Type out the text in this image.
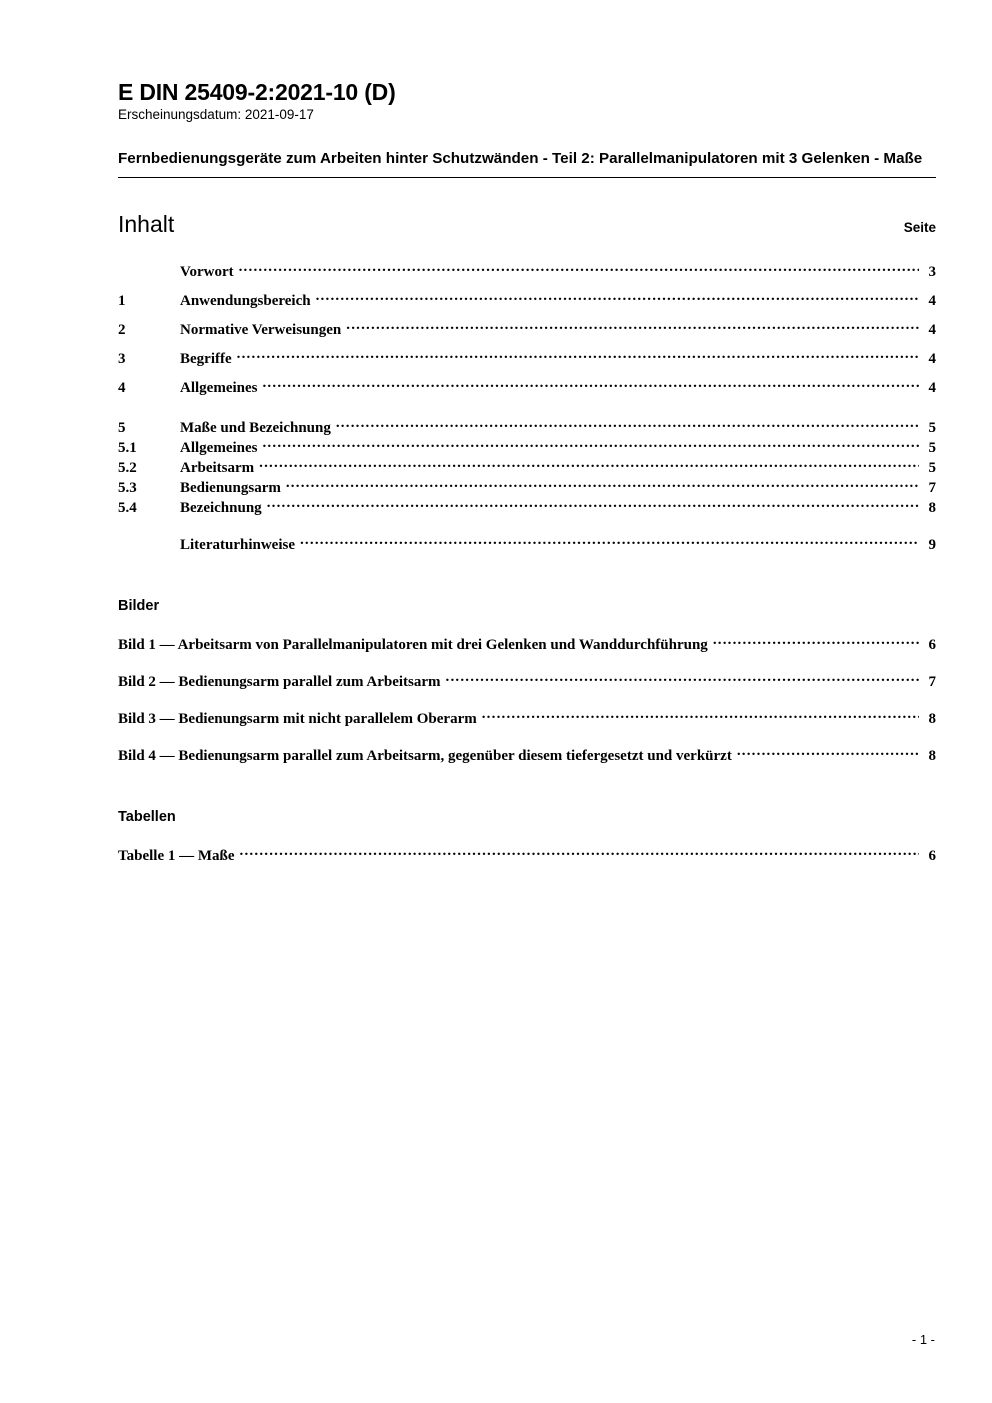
E DIN 25409-2:2021-10 (D)
Erscheinungsdatum: 2021-09-17
Fernbedienungsgeräte zum Arbeiten hinter Schutzwänden - Teil 2: Parallelmanipulatoren mit 3 Gelenken - Maße
Inhalt	Seite
Vorwort .....	3
1	Anwendungsbereich .....	4
2	Normative Verweisungen .....	4
3	Begriffe .....	4
4	Allgemeines .....	4
5	Maße und Bezeichnung .....	5
5.1	Allgemeines .....	5
5.2	Arbeitsarm .....	5
5.3	Bedienungsarm .....	7
5.4	Bezeichnung .....	8
Literaturhinweise .....	9
Bilder
Bild 1 — Arbeitsarm von Parallelmanipulatoren mit drei Gelenken und Wanddurchführung .....	6
Bild 2 — Bedienungsarm parallel zum Arbeitsarm .....	7
Bild 3 — Bedienungsarm mit nicht parallelem Oberarm .....	8
Bild 4 — Bedienungsarm parallel zum Arbeitsarm, gegenüber diesem tiefergesetzt und verkürzt .....	8
Tabellen
Tabelle 1 — Maße .....	6
- 1 -
